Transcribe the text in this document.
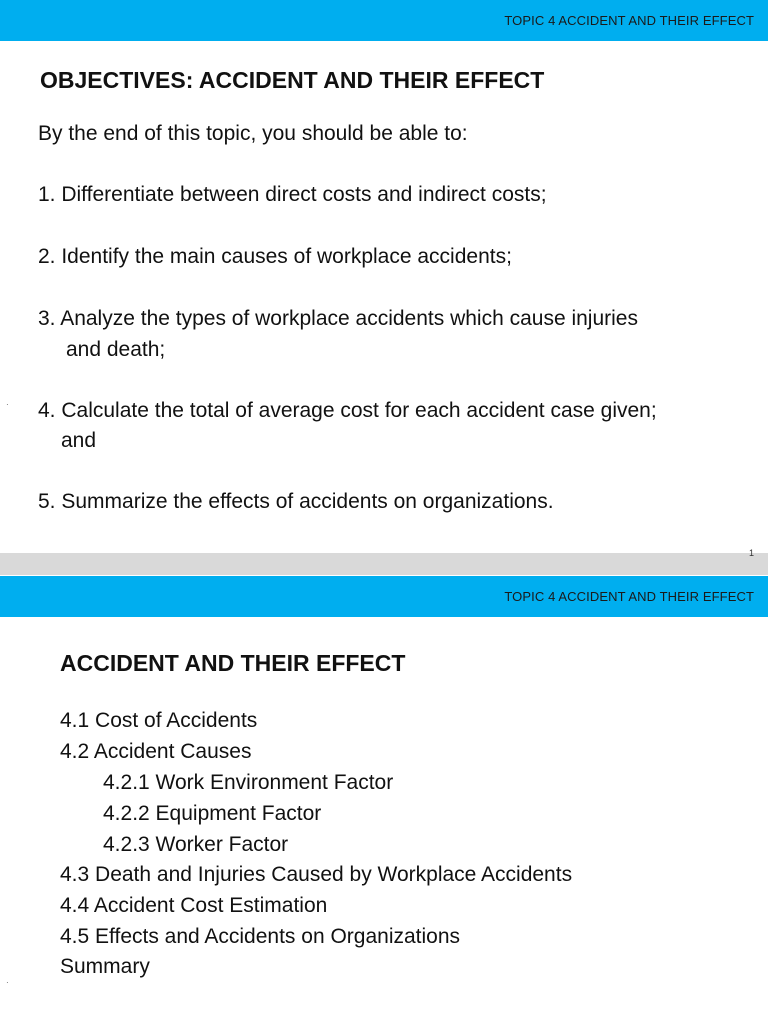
TOPIC 4 ACCIDENT AND THEIR EFFECT
OBJECTIVES: ACCIDENT AND THEIR EFFECT
By the end of this topic, you should be able to:
1. Differentiate between direct costs and indirect costs;
2. Identify the main causes of workplace accidents;
3. Analyze the types of workplace accidents which cause injuries
and death;
4. Calculate the total of average cost for each accident case given;
and
5. Summarize the effects of accidents on organizations.
·
1
TOPIC 4 ACCIDENT AND THEIR EFFECT
ACCIDENT AND THEIR EFFECT
4.1 Cost of Accidents
4.2 Accident Causes
4.2.1 Work Environment Factor
4.2.2 Equipment Factor
4.2.3 Worker Factor
4.3 Death and Injuries Caused by Workplace Accidents
4.4 Accident Cost Estimation
4.5 Effects and Accidents on Organizations
Summary
·
